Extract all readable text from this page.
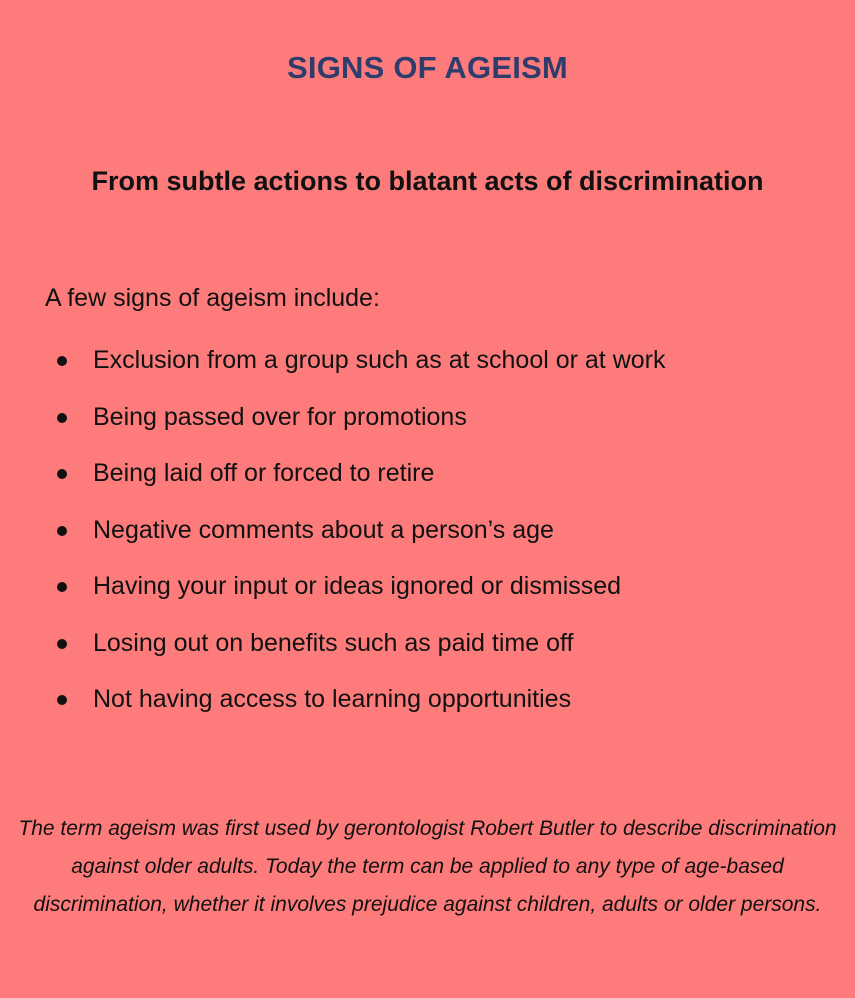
SIGNS OF AGEISM
From subtle actions to blatant acts of discrimination
A few signs of ageism include:
Exclusion from a group such as at school or at work
Being passed over for promotions
Being laid off or forced to retire
Negative comments about a person’s age
Having your input or ideas ignored or dismissed
Losing out on benefits such as paid time off
Not having access to learning opportunities
The term ageism was first used by gerontologist Robert Butler to describe discrimination against older adults. Today the term can be applied to any type of age-based discrimination, whether it involves prejudice against children, adults or older persons.
